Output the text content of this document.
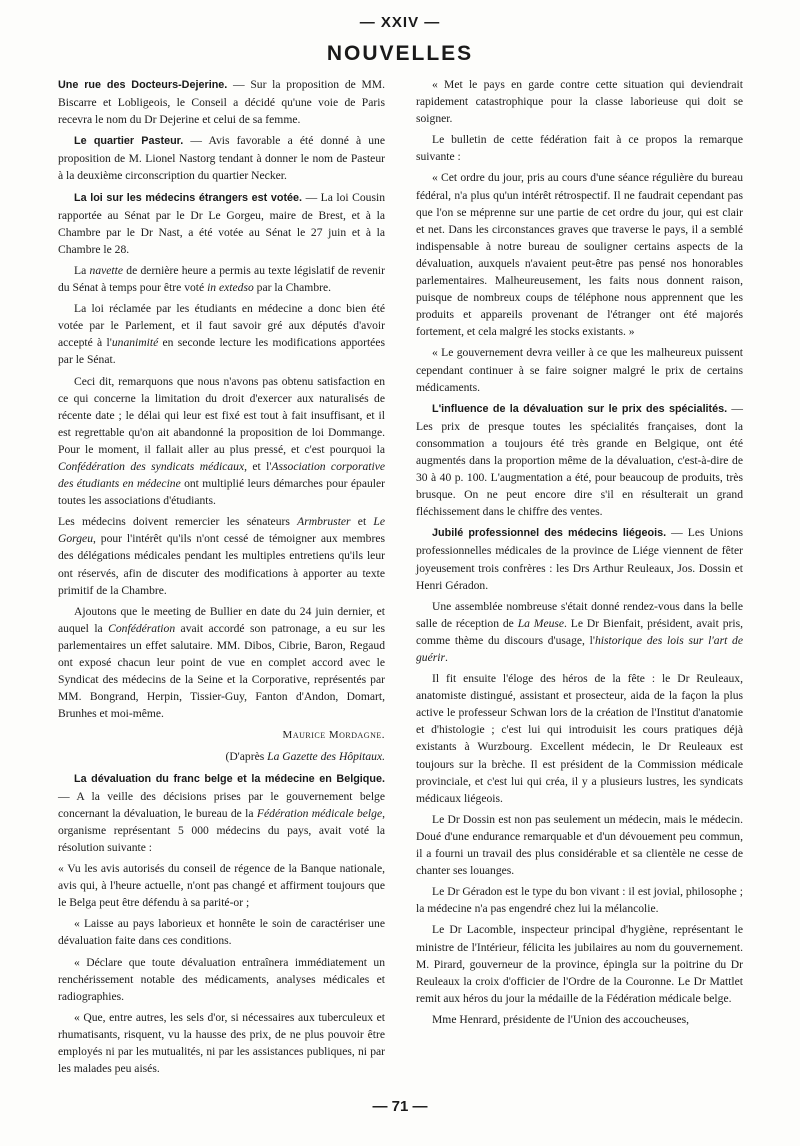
— XXIV —
NOUVELLES

Une rue des Docteurs-Dejerine. — Sur la proposition de MM. Biscarre et Lobligeois, le Conseil a décidé qu'une voie de Paris recevra le nom du Dr Dejerine et celui de sa femme.

Le quartier Pasteur. — Avis favorable a été donné à une proposition de M. Lionel Nastorg tendant à donner le nom de Pasteur à la deuxième circonscription du quartier Necker.

La loi sur les médecins étrangers est votée. — La loi Cousin rapportée au Sénat par le Dr Le Gorgeu, maire de Brest, et à la Chambre par le Dr Nast, a été votée au Sénat le 27 juin et à la Chambre le 28.

La navette de dernière heure a permis au texte législatif de revenir du Sénat à temps pour être voté in extedso par la Chambre.

La loi réclamée par les étudiants en médecine a donc bien été votée par le Parlement, et il faut savoir gré aux députés d'avoir accepté à l'unanimité en seconde lecture les modifications apportées par le Sénat.

Ceci dit, remarquons que nous n'avons pas obtenu satisfaction en ce qui concerne la limitation du droit d'exercer aux naturalisés de récente date ; le délai qui leur est fixé est tout à fait insuffisant, et il est regrettable qu'on ait abandonné la proposition de loi Dommange. Pour le moment, il fallait aller au plus pressé, et c'est pourquoi la Confédération des syndicats médicaux, et l'Association corporative des étudiants en médecine ont multiplié leurs démarches pour épauler toutes les associations d'étudiants.

Les médecins doivent remercier les sénateurs Armbruster et Le Gorgeu, pour l'intérêt qu'ils n'ont cessé de témoigner aux membres des délégations médicales pendant les multiples entretiens qu'ils leur ont réservés, afin de discuter des modifications à apporter au texte primitif de la Chambre.

Ajoutons que le meeting de Bullier en date du 24 juin dernier, et auquel la Confédération avait accordé son patronage, a eu sur les parlementaires un effet salutaire. MM. Dibos, Cibrie, Baron, Regaud ont exposé chacun leur point de vue en complet accord avec le Syndicat des médecins de la Seine et la Corporative, représentés par MM. Bongrand, Herpin, Tissier-Guy, Fanton d'Andon, Domart, Brunhes et moi-même.

Maurice Mordagne.

(D'après La Gazette des Hôpitaux.

La dévaluation du franc belge et la médecine en Belgique. — A la veille des décisions prises par le gouvernement belge concernant la dévaluation, le bureau de la Fédération médicale belge, organisme représentant 5 000 médecins du pays, avait voté la résolution suivante :

« Vu les avis autorisés du conseil de régence de la Banque nationale, avis qui, à l'heure actuelle, n'ont pas changé et affirment toujours que le Belga peut être défendu à sa parité-or ;

« Laisse au pays laborieux et honnête le soin de caractériser une dévaluation faite dans ces conditions.

« Déclare que toute dévaluation entraînera immédiatement un renchérissement notable des médicaments, analyses médicales et radiographies.

« Que, entre autres, les sels d'or, si nécessaires aux tuberculeux et rhumatisants, risquent, vu la hausse des prix, de ne plus pouvoir être employés ni par les mutualités, ni par les assistances publiques, ni par les malades peu aisés.

« Met le pays en garde contre cette situation qui deviendrait rapidement catastrophique pour la classe laborieuse qui doit se soigner.

Le bulletin de cette fédération fait à ce propos la remarque suivante :

« Cet ordre du jour, pris au cours d'une séance régulière du bureau fédéral, n'a plus qu'un intérêt rétrospectif. Il ne faudrait cependant pas que l'on se méprenne sur une partie de cet ordre du jour, qui est clair et net. Dans les circonstances graves que traverse le pays, il a semblé indispensable à notre bureau de souligner certains aspects de la dévaluation, auxquels n'avaient peut-être pas pensé nos honorables parlementaires. Malheureusement, les faits nous donnent raison, puisque de nombreux coups de téléphone nous apprennent que les produits et appareils provenant de l'étranger ont été majorés fortement, et cela malgré les stocks existants. »

« Le gouvernement devra veiller à ce que les malheureux puissent cependant continuer à se faire soigner malgré le prix de certains médicaments.

L'influence de la dévaluation sur le prix des spécialités. — Les prix de presque toutes les spécialités françaises, dont la consommation a toujours été très grande en Belgique, ont été augmentés dans la proportion même de la dévaluation, c'est-à-dire de 30 à 40 p. 100. L'augmentation a été, pour beaucoup de produits, très brusque. On ne peut encore dire s'il en résulterait un grand fléchissement dans le chiffre des ventes.

Jubilé professionnel des médecins liégeois. — Les Unions professionnelles médicales de la province de Liége viennent de fêter joyeusement trois confrères : les Drs Arthur Reuleaux, Jos. Dossin et Henri Géradon.

Une assemblée nombreuse s'était donné rendez-vous dans la belle salle de réception de La Meuse. Le Dr Bienfait, président, avait pris, comme thème du discours d'usage, l'historique des lois sur l'art de guérir.

Il fit ensuite l'éloge des héros de la fête : le Dr Reuleaux, anatomiste distingué, assistant et prosecteur, aida de la façon la plus active le professeur Schwan lors de la création de l'Institut d'anatomie et d'histologie ; c'est lui qui introduisit les cours pratiques déjà existants à Wurzbourg. Excellent médecin, le Dr Reuleaux est toujours sur la brèche. Il est président de la Commission médicale provinciale, et c'est lui qui créa, il y a plusieurs lustres, les syndicats médicaux liégeois.

Le Dr Dossin est non pas seulement un médecin, mais le médecin. Doué d'une endurance remarquable et d'un dévouement peu commun, il a fourni un travail des plus considérable et sa clientèle ne cesse de chanter ses louanges.

Le Dr Géradon est le type du bon vivant : il est jovial, philosophe ; la médecine n'a pas engendré chez lui la mélancolie.

Le Dr Lacomble, inspecteur principal d'hygiène, représentant le ministre de l'Intérieur, félicita les jubilaires au nom du gouvernement. M. Pirard, gouverneur de la province, épingla sur la poitrine du Dr Reuleaux la croix d'officier de l'Ordre de la Couronne. Le Dr Mattlet remit aux héros du jour la médaille de la Fédération médicale belge.

Mme Henrard, présidente de l'Union des accoucheuses,

— 71 —
